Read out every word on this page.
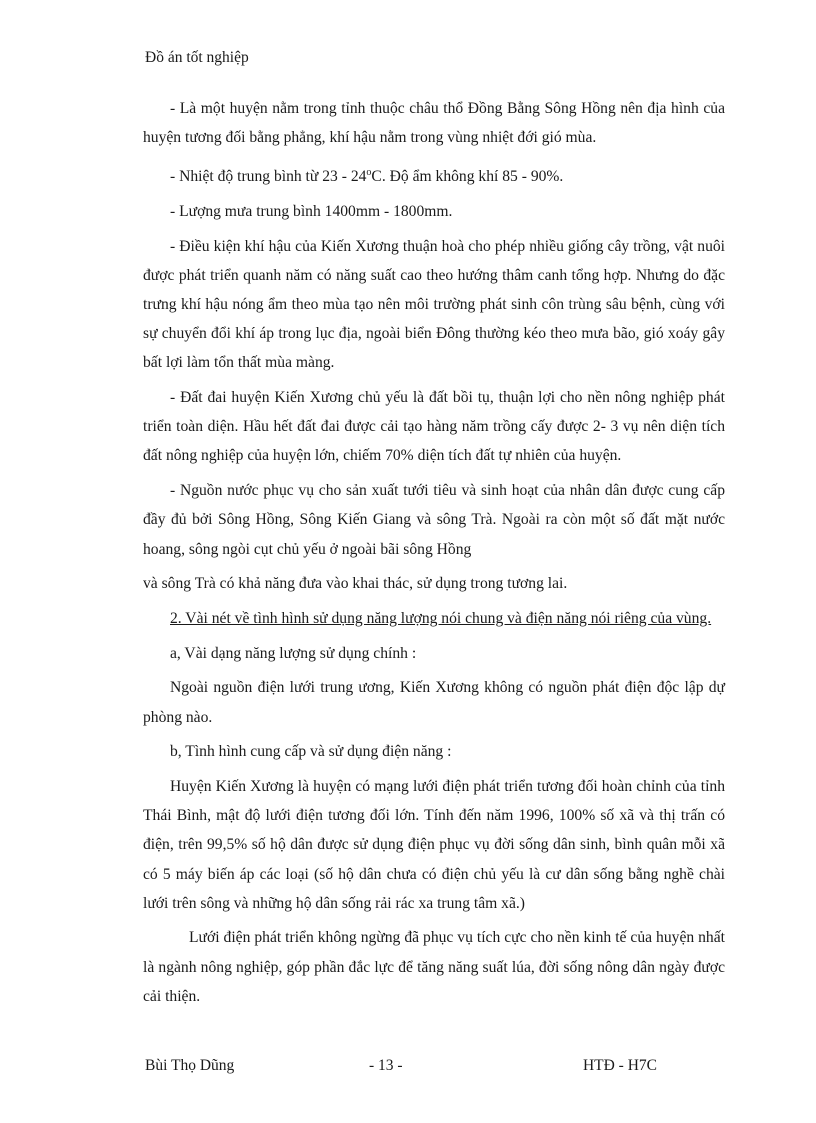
Đồ án tốt nghiệp

- Là một huyện nằm trong tỉnh thuộc châu thổ Đồng Bằng Sông Hồng nên địa hình của huyện tương đối bằng phẳng, khí hậu nằm trong vùng nhiệt đới gió mùa.

- Nhiệt độ trung bình từ 23 - 24$^o$C. Độ ẩm không khí 85 - 90%.

- Lượng mưa trung bình 1400mm - 1800mm.

- Điều kiện khí hậu của Kiến Xương thuận hoà cho phép nhiều giống cây trồng, vật nuôi được phát triển quanh năm có năng suất cao theo hướng thâm canh tổng hợp. Nhưng do đặc trưng khí hậu nóng ẩm theo mùa tạo nên môi trường phát sinh côn trùng sâu bệnh, cùng với sự chuyển đổi khí áp trong lục địa, ngoài biển Đông thường kéo theo mưa bão, gió xoáy gây bất lợi làm tổn thất mùa màng.

- Đất đai huyện Kiến Xương chủ yếu là đất bồi tụ, thuận lợi cho nền nông nghiệp phát triển toàn diện. Hầu hết đất đai được cải tạo hàng năm trồng cấy được 2- 3 vụ nên diện tích đất nông nghiệp của huyện lớn, chiếm 70% diện tích đất tự nhiên của huyện.

- Nguồn nước phục vụ cho sản xuất tưới tiêu và sinh hoạt của nhân dân được cung cấp đầy đủ bởi Sông Hồng, Sông Kiến Giang và sông Trà. Ngoài ra còn một số đất mặt nước hoang, sông ngòi cụt chủ yếu ở ngoài bãi sông Hồng

và sông Trà có khả năng đưa vào khai thác, sử dụng trong tương lai.

2. Vài nét về tình hình sử dụng năng lượng nói chung và điện năng nói riêng của vùng.

a, Vài dạng năng lượng sử dụng chính :

Ngoài nguồn điện lưới trung ương, Kiến Xương không có nguồn phát điện độc lập dự phòng nào.

b, Tình hình cung cấp và sử dụng điện năng :

Huyện Kiến Xương là huyện có mạng lưới điện phát triển tương đối hoàn chỉnh của tỉnh Thái Bình, mật độ lưới điện tương đối lớn. Tính đến năm 1996, 100% số xã và thị trấn có điện, trên 99,5% số hộ dân được sử dụng điện phục vụ đời sống dân sinh, bình quân mỗi xã có 5 máy biến áp các loại (số hộ dân chưa có điện chủ yếu là cư dân sống bằng nghề chài lưới trên sông và những hộ dân sống rải rác xa trung tâm xã.)

Lưới điện phát triển không ngừng đã phục vụ tích cực cho nền kinh tế của huyện nhất là ngành nông nghiệp, góp phần đắc lực để tăng năng suất lúa, đời sống nông dân ngày được cải thiện.

Bùi Thọ Dũng	- 13 -	HTĐ - H7C
